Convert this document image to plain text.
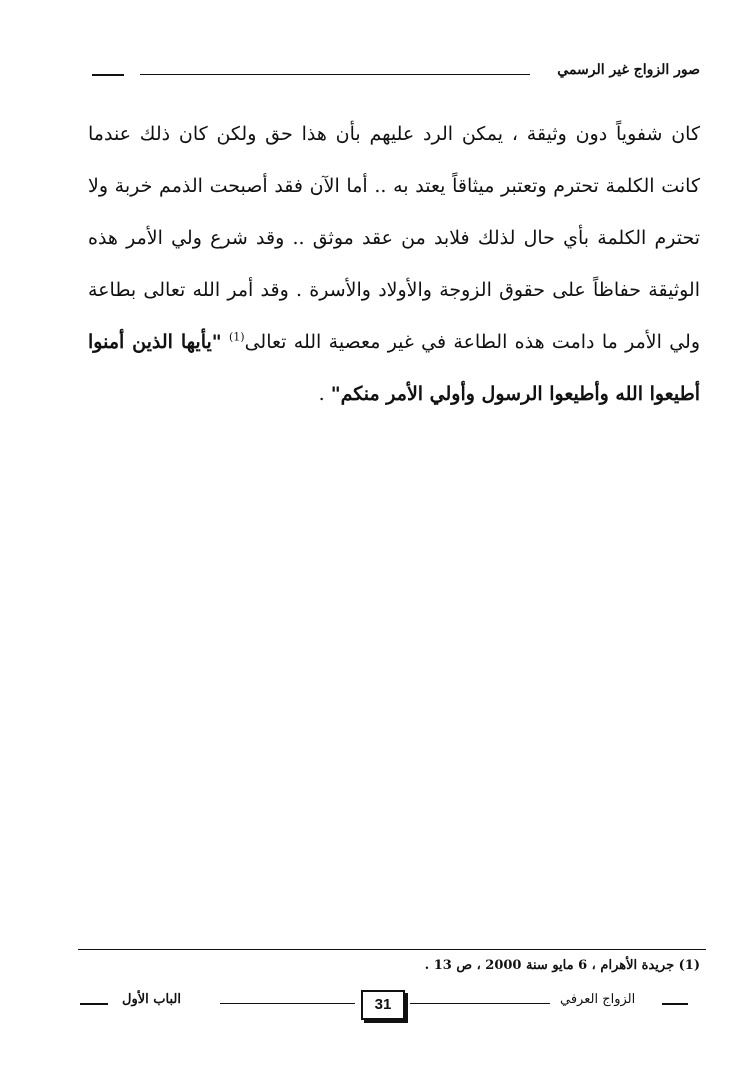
صور الزواج غير الرسمي

كان شفوياً دون وثيقة ، يمكن الرد عليهم بأن هذا حق ولكن كان ذلك عندما كانت الكلمة تحترم وتعتبر ميثاقاً يعتد به .. أما الآن فقد أصبحت الذمم خربة ولا تحترم الكلمة بأي حال لذلك فلابد من عقد موثق .. وقد شرع ولي الأمر هذه الوثيقة حفاظاً على حقوق الزوجة والأولاد والأسرة . وقد أمر الله تعالى بطاعة ولي الأمر ما دامت هذه الطاعة في غير معصية الله تعالى$^{(1)}$ "يأيها الذين أمنوا أطيعوا الله وأطيعوا الرسول وأولي الأمر منكم" .

(1) جريدة الأهرام ، 6 مايو سنة 2000 ، ص 13 .
الباب الأول	31	الزواج العرفي
